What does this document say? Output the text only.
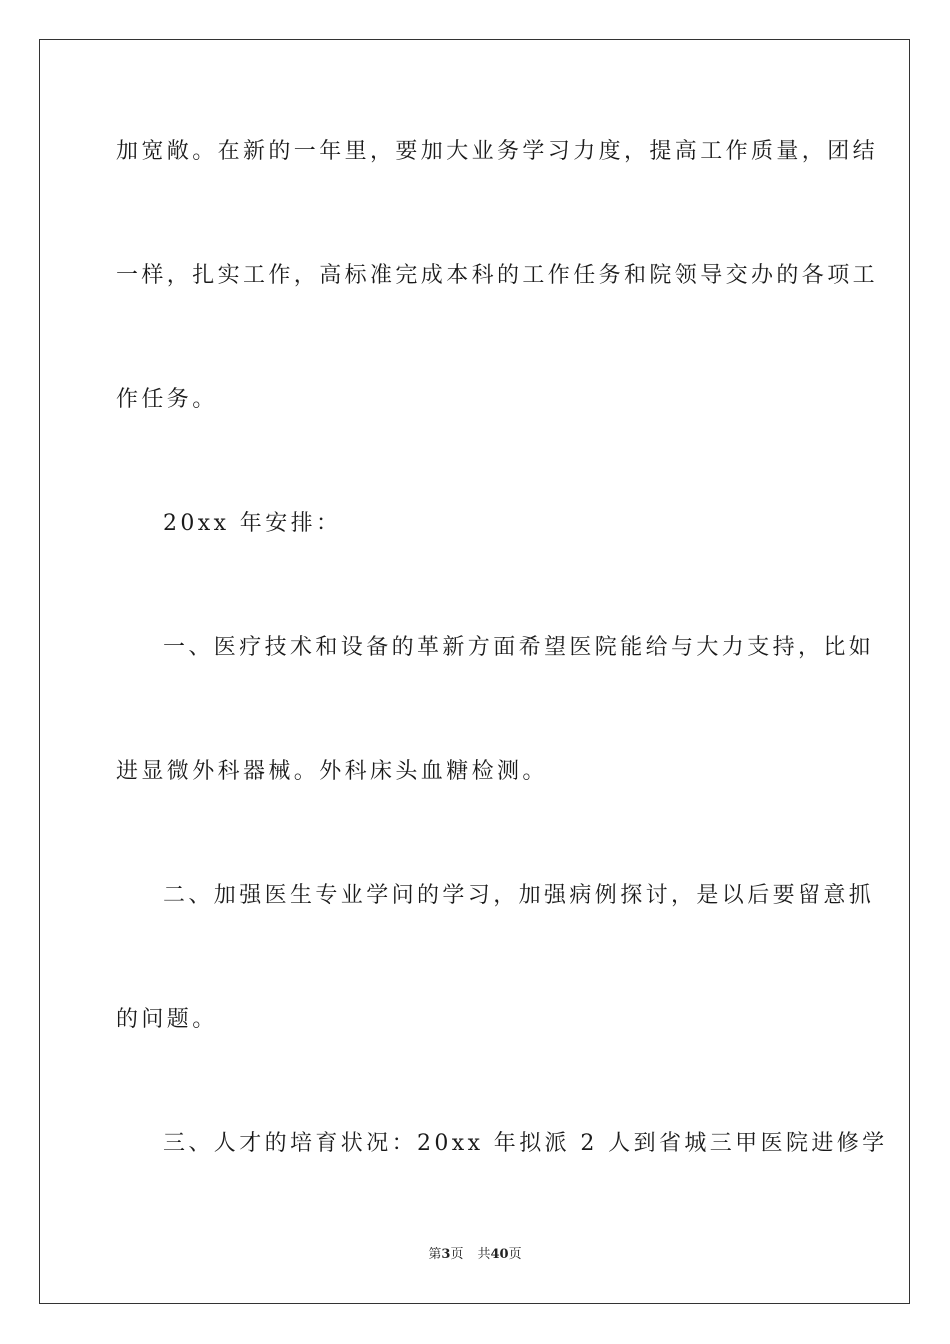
加宽敞。在新的一年里，要加大业务学习力度，提高工作质量，团结
一样，扎实工作，高标准完成本科的工作任务和院领导交办的各项工
作任务。
20xx 年安排：
一、医疗技术和设备的革新方面希望医院能给与大力支持，比如
进显微外科器械。外科床头血糖检测。
二、加强医生专业学问的学习，加强病例探讨，是以后要留意抓
的问题。
三、人才的培育状况：20xx 年拟派 2 人到省城三甲医院进修学
第3页 共40页
